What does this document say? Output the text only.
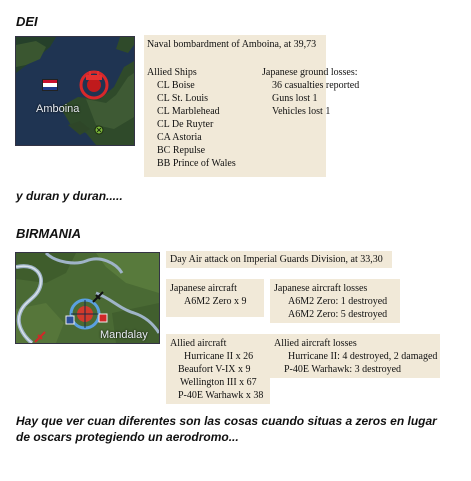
DEI
Amboina
Naval bombardment of Amboina, at 39,73
Allied Ships
CL Boise
CL St. Louis
CL Marblehead
CL De Ruyter
CA Astoria
BC Repulse
BB Prince of Wales
Japanese ground losses:
36 casualties reported
Guns lost 1
Vehicles lost 1
y duran y duran.....
BIRMANIA
Mandalay
Day Air attack on Imperial Guards Division, at 33,30
Japanese aircraft
A6M2 Zero x 9
Japanese aircraft losses
A6M2 Zero: 1 destroyed
A6M2 Zero: 5 destroyed
Allied aircraft
Hurricane II x 26
Beaufort V-IX x 9
Wellington III x 67
P-40E Warhawk x 38
Allied aircraft losses
Hurricane II: 4 destroyed, 2 damaged
P-40E Warhawk: 3 destroyed
Hay que ver cuan diferentes son las cosas cuando situas a zeros en lugar de oscars protegiendo un aerodromo...
